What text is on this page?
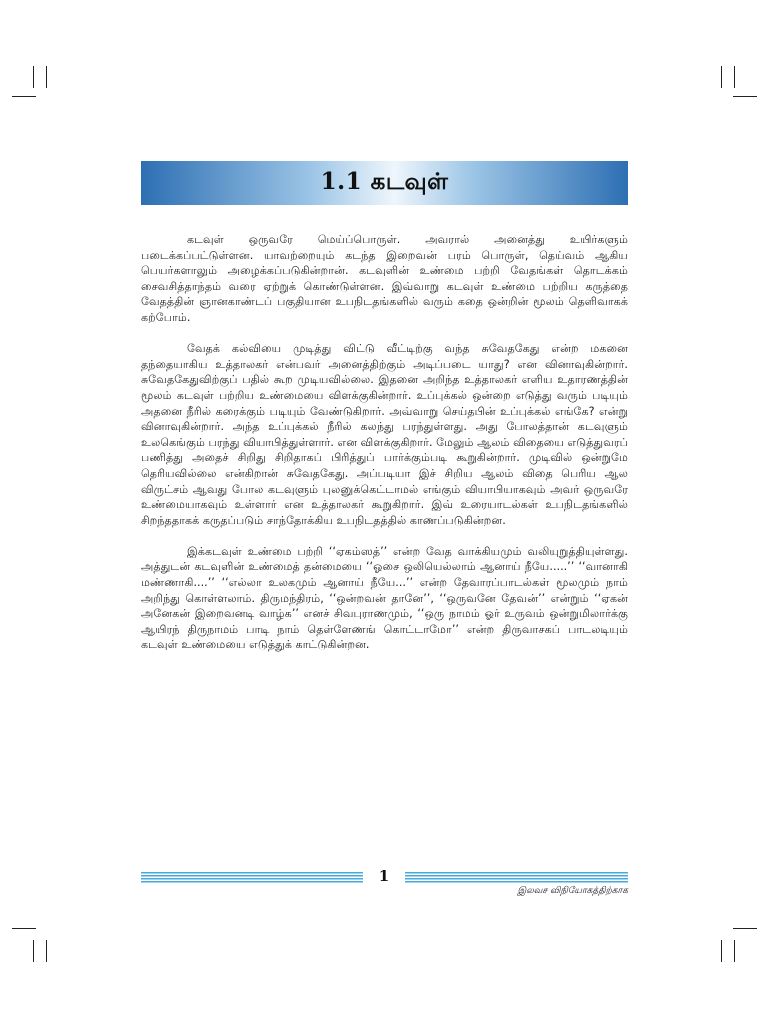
1.1 கடவுள்

கடவுள் ஒருவரே மெய்ப்பொருள். அவரால் அனைத்து உயிர்களும் படைக்கப்பட்டுள்ளன. யாவற்றையும் கடந்த இறைவன் பரம் பொருள், தெய்வம் ஆகிய பெயர்களாலும் அழைக்கப்படுகின்றான். கடவுளின் உண்மை பற்றி வேதங்கள் தொடக்கம் சைவசித்தாந்தம் வரை ஏற்றுக் கொண்டுள்ளன. இவ்வாறு கடவுள் உண்மை பற்றிய கருத்தை வேதத்தின் ஞானகாண்டப் பகுதியான உபநிடதங்களில் வரும் கதை ஒன்றின் மூலம் தெளிவாகக் கற்போம்.

வேதக் கல்வியை முடித்து விட்டு வீட்டிற்கு வந்த சுவேதகேது என்ற மகனை தந்தையாகிய உத்தாலகர் என்பவர் அனைத்திற்கும் அடிப்படை யாது? என வினாவுகின்றார். சுவேதகேதுவிற்குப் பதில் கூற முடியவில்லை. இதனை அறிந்த உத்தாலகர் எளிய உதாரணத்தின் மூலம் கடவுள் பற்றிய உண்மையை விளக்குகின்றார். உப்புக்கல் ஒன்றை எடுத்து வரும் படியும் அதனை நீரில் கரைக்கும் படியும் வேண்டுகிறார். அவ்வாறு செய்தபின் உப்புக்கல் எங்கே? என்று வினாவுகின்றார். அந்த உப்புக்கல் நீரில் கலந்து பரந்துள்ளது. அது போலத்தான் கடவுளும் உலகெங்கும் பரந்து வியாபித்துள்ளார். என விளக்குகிறார். மேலும் ஆலம் விதையை எடுத்துவரப் பணித்து அதைச் சிறிது சிறிதாகப் பிரித்துப் பார்க்கும்படி கூறுகின்றார். முடிவில் ஒன்றுமே தெரியவில்லை என்கிறான் சுவேதகேது. அப்படியா இச் சிறிய ஆலம் விதை பெரிய ஆல விருட்சம் ஆவது போல கடவுளும் புலனுக்கெட்டாமல் எங்கும் வியாபியாகவும் அவர் ஒருவரே உண்மையாகவும் உள்ளார் என உத்தாலகர் கூறுகிறார். இவ் உரையாடல்கள் உபநிடதங்களில் சிறந்ததாகக் கருதப்படும் சாந்தோக்கிய உபநிடதத்தில் காணப்படுகின்றன.

இக்கடவுள் உண்மை பற்றி ‘‘ஏகம்ஸத்’’ என்ற வேத வாக்கியமும் வலியுறுத்தியுள்ளது. அத்துடன் கடவுளின் உண்மைத் தன்மையை ‘‘ஓசை ஒலியெல்லாம் ஆனாய் நீயே.....’’ ‘‘வானாகி மண்ணாகி....’’ ‘‘எல்லா உலகமும் ஆனாய் நீயே...’’ என்ற தேவாரப்பாடல்கள் மூலமும் நாம் அறிந்து கொள்ளலாம். திருமந்திரம், ‘‘ஒன்றவன் தானே’’, ‘‘ஒருவனே தேவன்’’ என்றும் ‘‘ஏகன் அனேகன் இறைவனடி வாழ்க’’ எனச் சிவபுராணமும், ‘‘ஒரு நாமம் ஓர் உருவம் ஒன்றுமிலார்க்கு ஆயிரந் திருநாமம் பாடி நாம் தெள்ளேணங் கொட்டாமோ’’ என்ற திருவாசகப் பாடலடியும் கடவுள் உண்மையை எடுத்துக் காட்டுகின்றன.

1
இலவச விநியோகத்திற்காக
